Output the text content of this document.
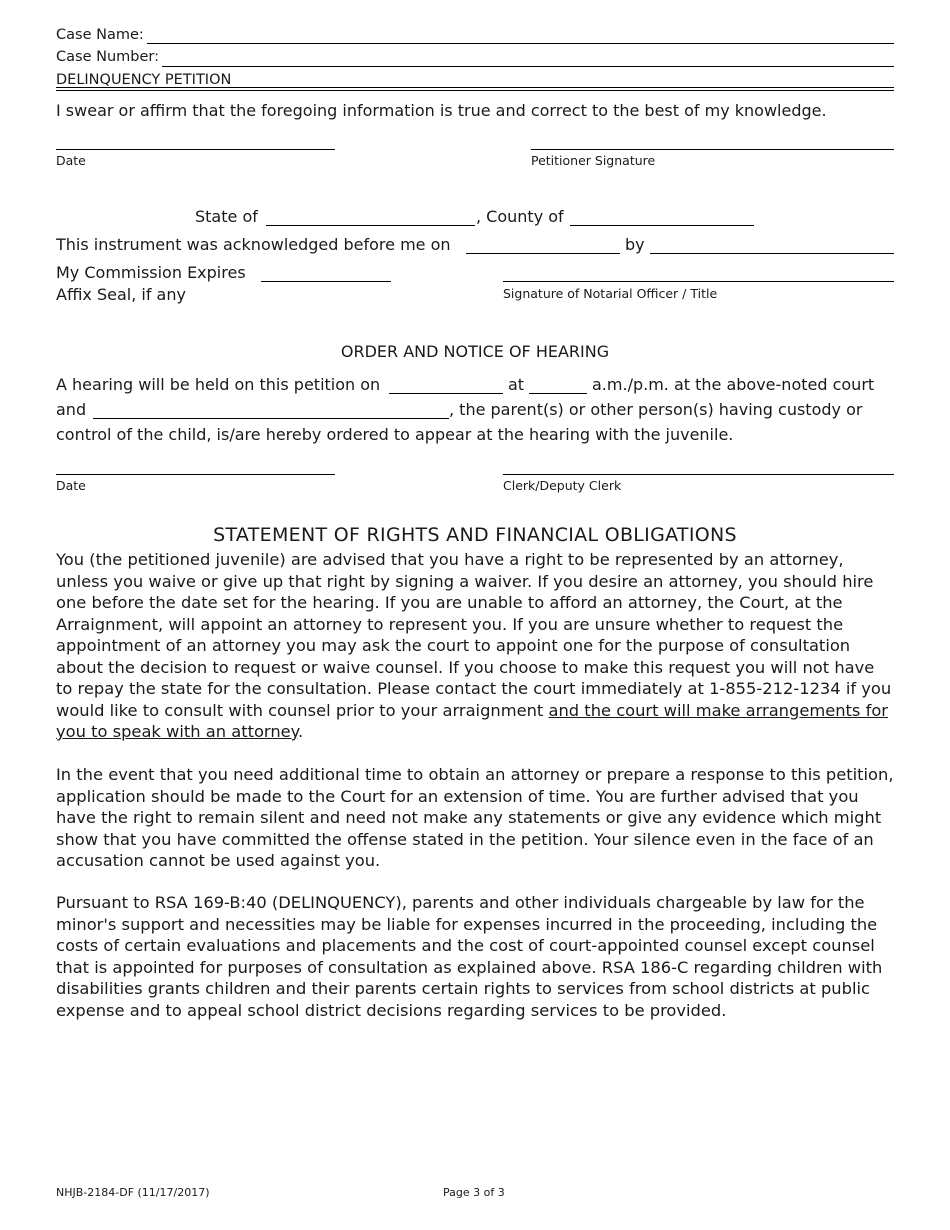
Case Name:
Case Number:
DELINQUENCY PETITION
I swear or affirm that the foregoing information is true and correct to the best of my knowledge.
Date	Petitioner Signature
State of	, County of
This instrument was acknowledged before me on	by
My Commission Expires
Affix Seal, if any	Signature of Notarial Officer / Title
ORDER AND NOTICE OF HEARING
A hearing will be held on this petition on	at	a.m./p.m. at the above-noted court
and	, the parent(s) or other person(s) having custody or
control of the child, is/are hereby ordered to appear at the hearing with the juvenile.
Date	Clerk/Deputy Clerk
STATEMENT OF RIGHTS AND FINANCIAL OBLIGATIONS
You (the petitioned juvenile) are advised that you have a right to be represented by an attorney, unless you waive or give up that right by signing a waiver. If you desire an attorney, you should hire one before the date set for the hearing. If you are unable to afford an attorney, the Court, at the Arraignment, will appoint an attorney to represent you. If you are unsure whether to request the appointment of an attorney you may ask the court to appoint one for the purpose of consultation about the decision to request or waive counsel. If you choose to make this request you will not have to repay the state for the consultation. Please contact the court immediately at 1-855-212-1234 if you would like to consult with counsel prior to your arraignment and the court will make arrangements for you to speak with an attorney.
In the event that you need additional time to obtain an attorney or prepare a response to this petition, application should be made to the Court for an extension of time. You are further advised that you have the right to remain silent and need not make any statements or give any evidence which might show that you have committed the offense stated in the petition. Your silence even in the face of an accusation cannot be used against you.
Pursuant to RSA 169-B:40 (DELINQUENCY), parents and other individuals chargeable by law for the minor's support and necessities may be liable for expenses incurred in the proceeding, including the costs of certain evaluations and placements and the cost of court-appointed counsel except counsel that is appointed for purposes of consultation as explained above. RSA 186-C regarding children with disabilities grants children and their parents certain rights to services from school districts at public expense and to appeal school district decisions regarding services to be provided.
NHJB-2184-DF (11/17/2017)	Page 3 of 3
